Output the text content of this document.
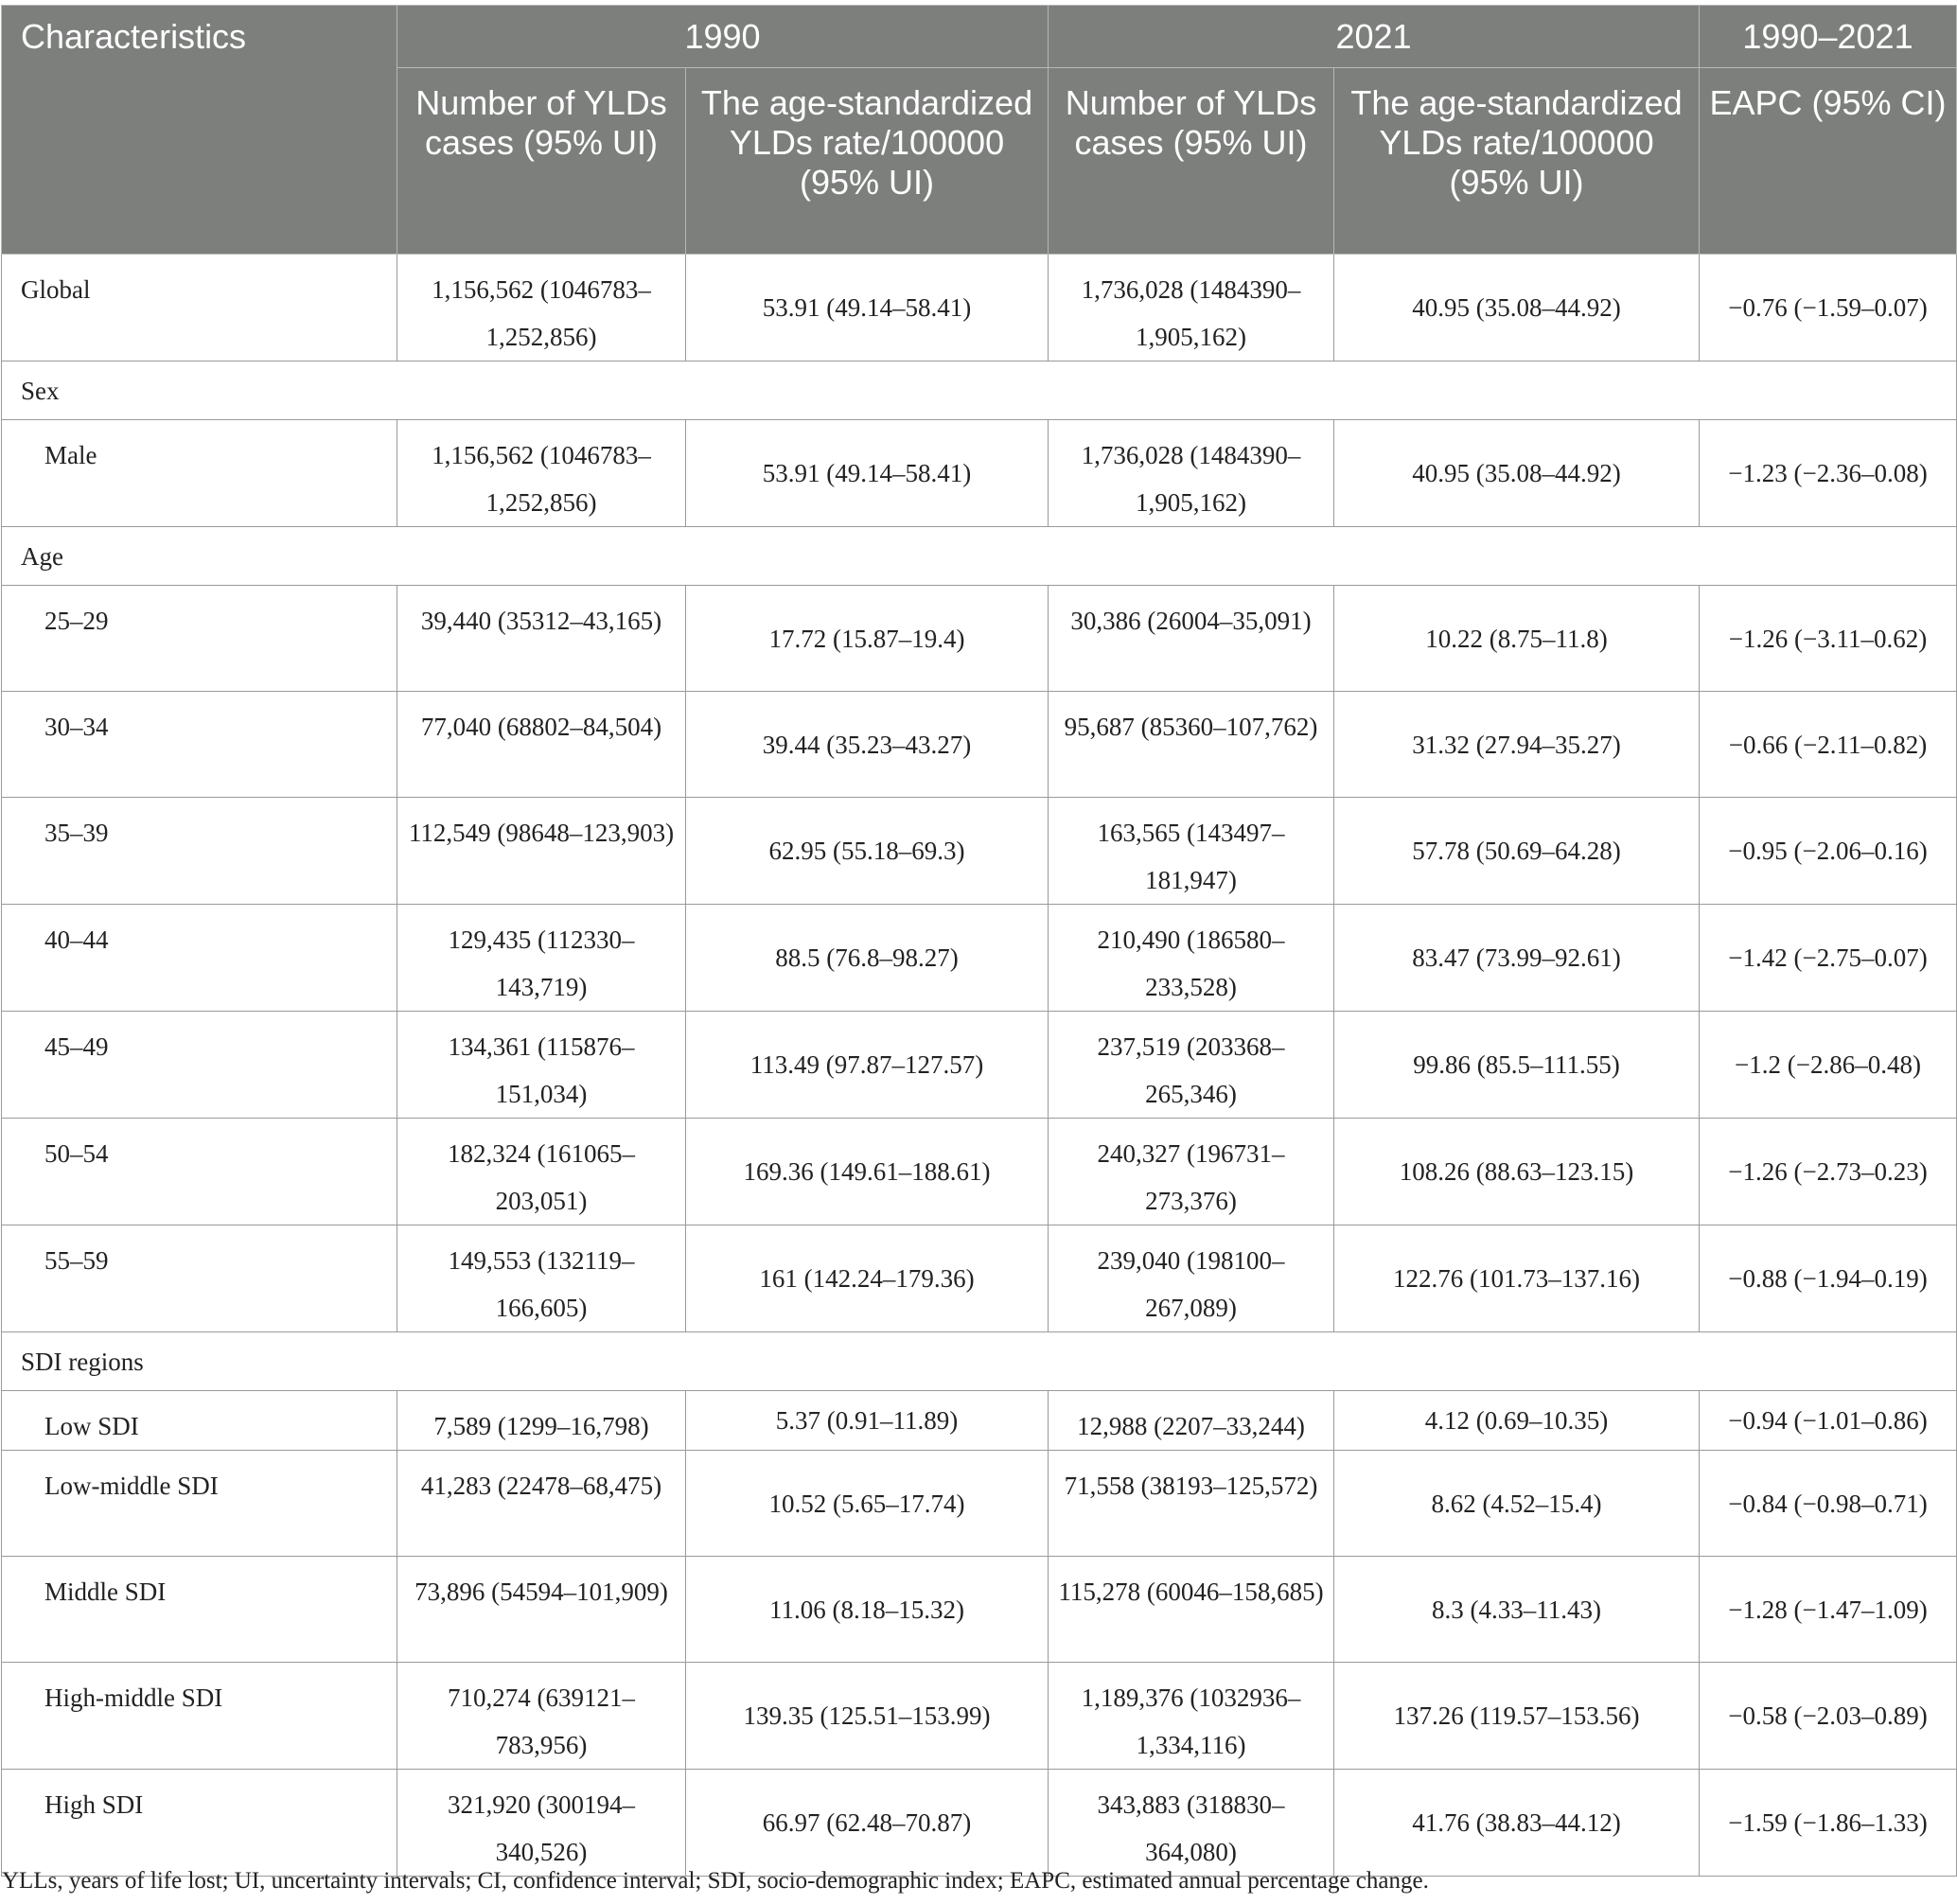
Characteristics	1990		2021		1990–2021
	Number of YLDs cases (95% UI)	The age-standardized YLDs rate/100000 (95% UI)	Number of YLDs cases (95% UI)	The age-standardized YLDs rate/100000 (95% UI)	EAPC (95% CI)
Global	1,156,562 (1046783–1,252,856)	53.91 (49.14–58.41)	1,736,028 (1484390–1,905,162)	40.95 (35.08–44.92)	−0.76 (−1.59–0.07)
Sex					
Male	1,156,562 (1046783–1,252,856)	53.91 (49.14–58.41)	1,736,028 (1484390–1,905,162)	40.95 (35.08–44.92)	−1.23 (−2.36–0.08)
Age					
25–29	39,440 (35312–43,165)	17.72 (15.87–19.4)	30,386 (26004–35,091)	10.22 (8.75–11.8)	−1.26 (−3.11–0.62)
30–34	77,040 (68802–84,504)	39.44 (35.23–43.27)	95,687 (85360–107,762)	31.32 (27.94–35.27)	−0.66 (−2.11–0.82)
35–39	112,549 (98648–123,903)	62.95 (55.18–69.3)	163,565 (143497–181,947)	57.78 (50.69–64.28)	−0.95 (−2.06–0.16)
40–44	129,435 (112330–143,719)	88.5 (76.8–98.27)	210,490 (186580–233,528)	83.47 (73.99–92.61)	−1.42 (−2.75–0.07)
45–49	134,361 (115876–151,034)	113.49 (97.87–127.57)	237,519 (203368–265,346)	99.86 (85.5–111.55)	−1.2 (−2.86–0.48)
50–54	182,324 (161065–203,051)	169.36 (149.61–188.61)	240,327 (196731–273,376)	108.26 (88.63–123.15)	−1.26 (−2.73–0.23)
55–59	149,553 (132119–166,605)	161 (142.24–179.36)	239,040 (198100–267,089)	122.76 (101.73–137.16)	−0.88 (−1.94–0.19)
SDI regions					
Low SDI	7,589 (1299–16,798)	5.37 (0.91–11.89)	12,988 (2207–33,244)	4.12 (0.69–10.35)	−0.94 (−1.01–0.86)
Low-middle SDI	41,283 (22478–68,475)	10.52 (5.65–17.74)	71,558 (38193–125,572)	8.62 (4.52–15.4)	−0.84 (−0.98–0.71)
Middle SDI	73,896 (54594–101,909)	11.06 (8.18–15.32)	115,278 (60046–158,685)	8.3 (4.33–11.43)	−1.28 (−1.47–1.09)
High-middle SDI	710,274 (639121–783,956)	139.35 (125.51–153.99)	1,189,376 (1032936–1,334,116)	137.26 (119.57–153.56)	−0.58 (−2.03–0.89)
High SDI	321,920 (300194–340,526)	66.97 (62.48–70.87)	343,883 (318830–364,080)	41.76 (38.83–44.12)	−1.59 (−1.86–1.33)

YLLs, years of life lost; UI, uncertainty intervals; CI, confidence interval; SDI, socio-demographic index; EAPC, estimated annual percentage change.
